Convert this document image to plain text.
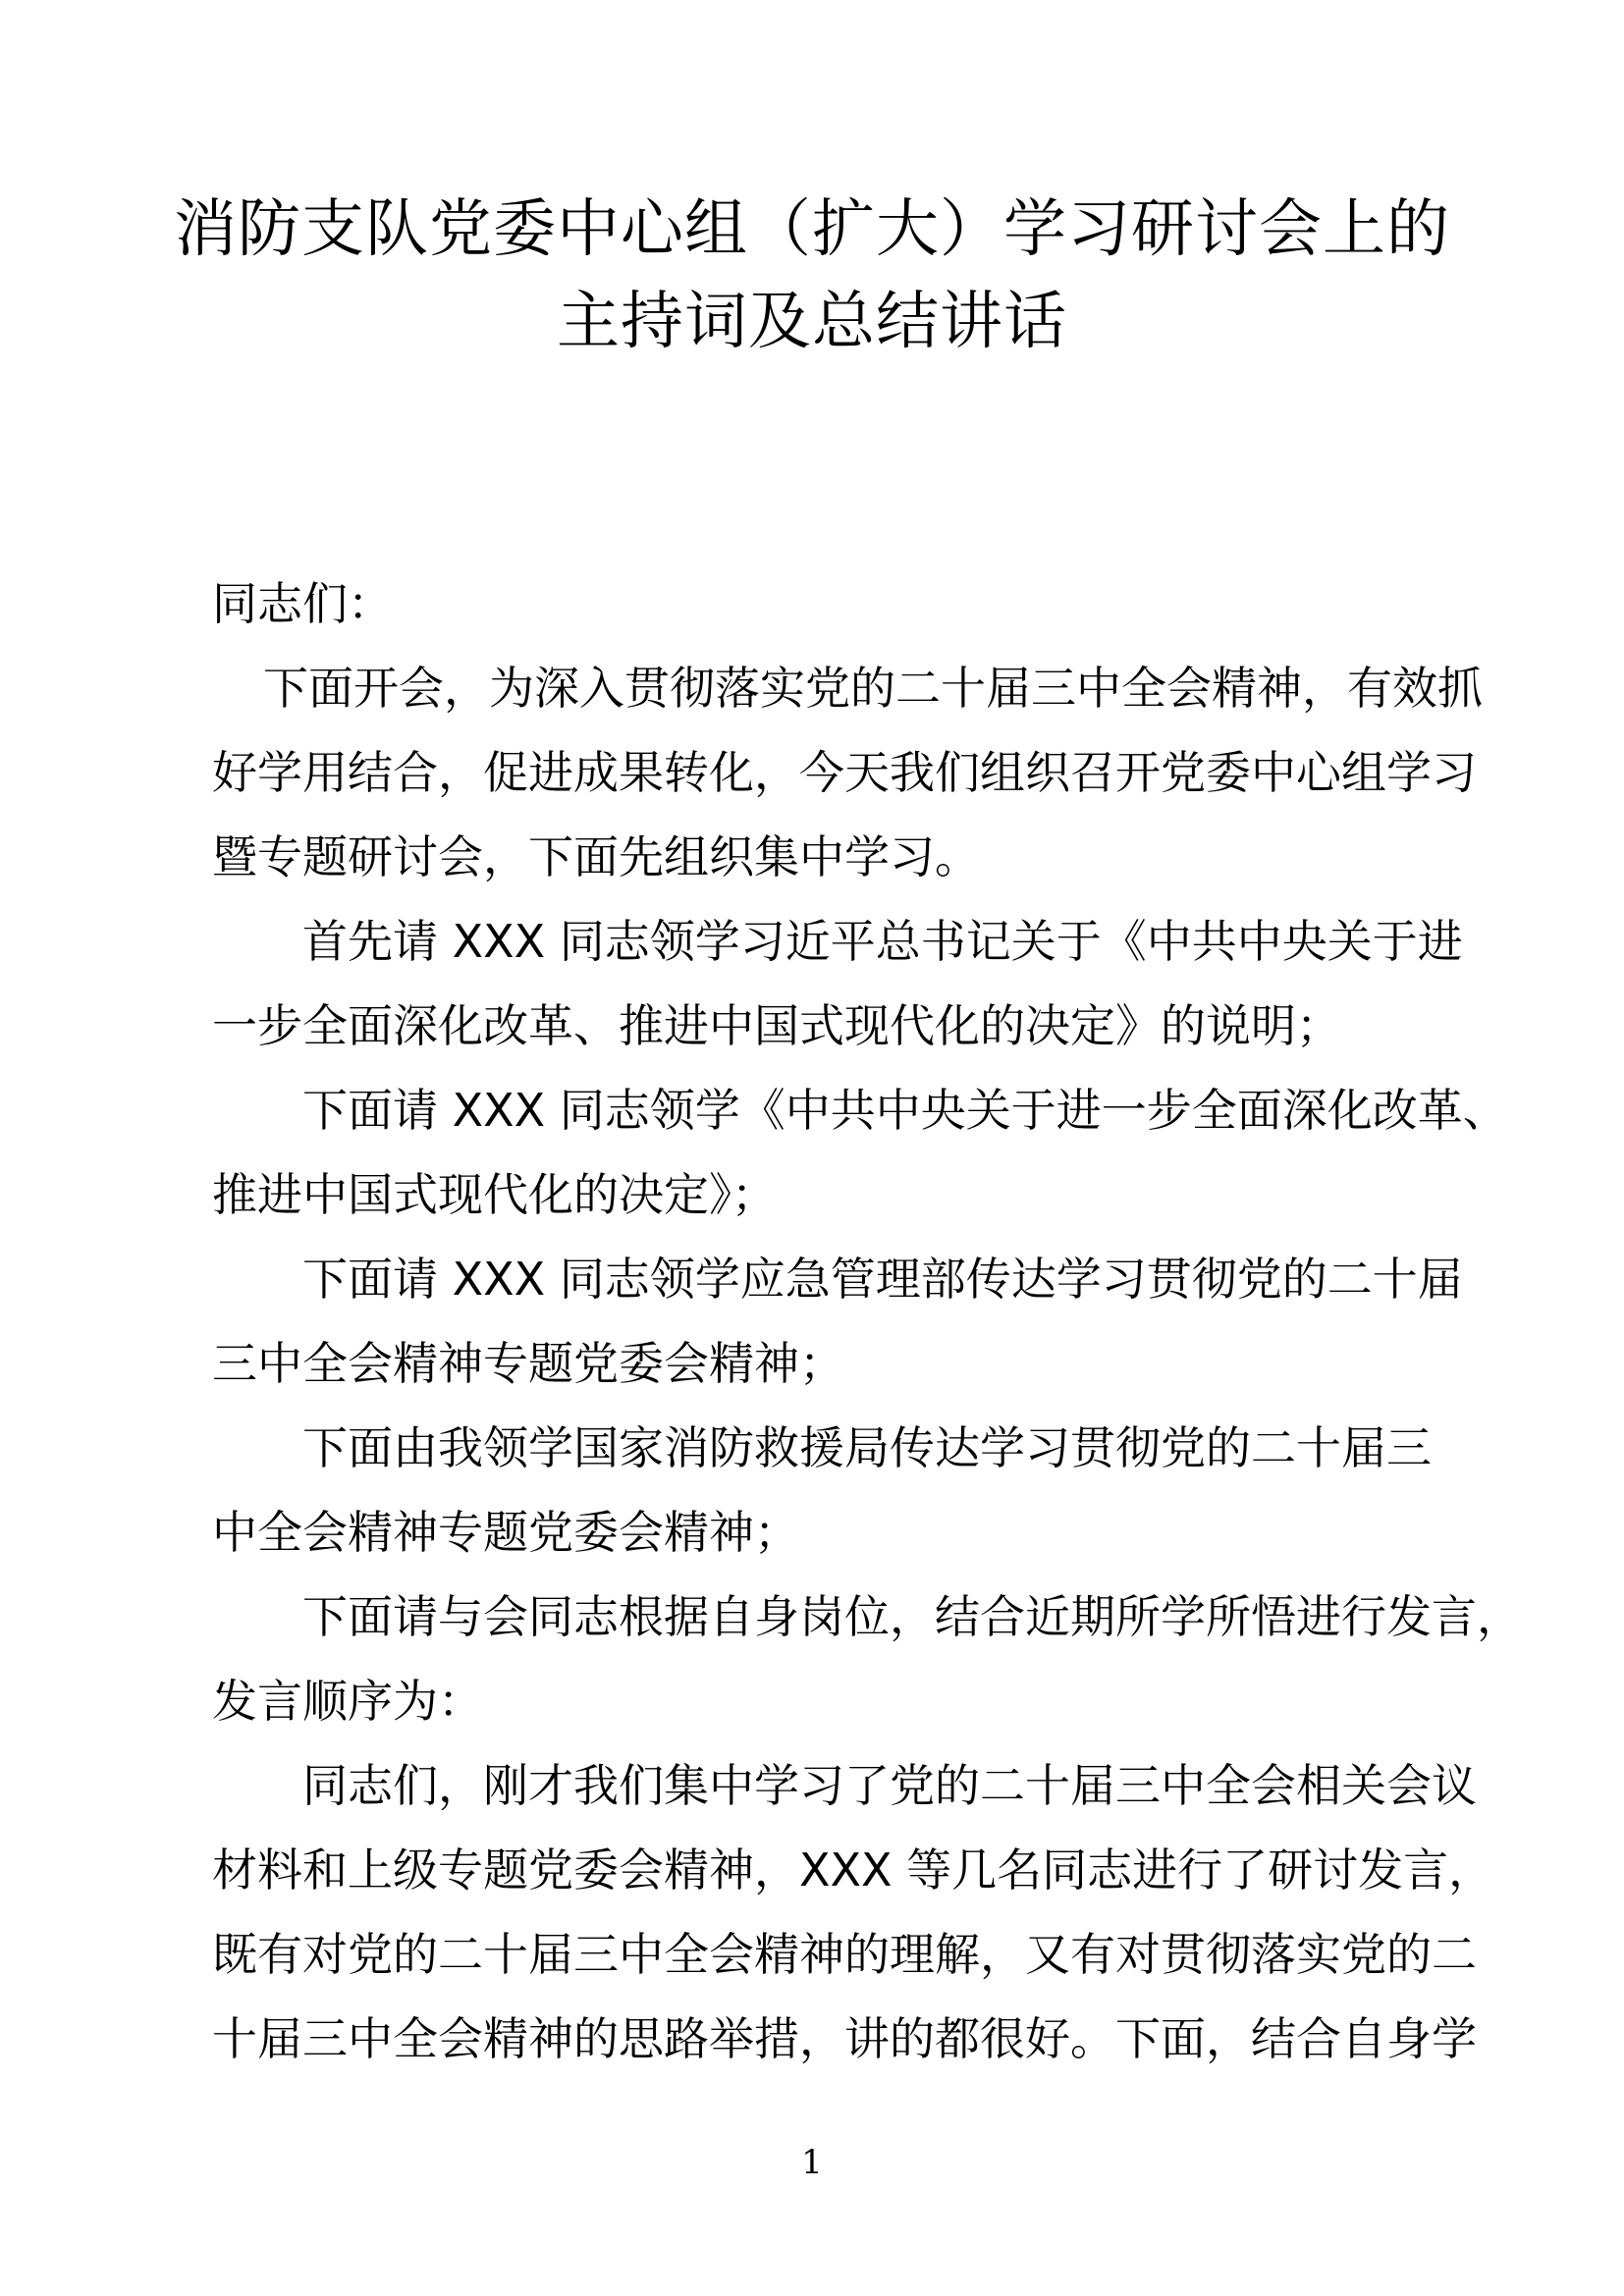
消防支队党委中心组（扩大）学习研讨会上的
主持词及总结讲话
同志们：
下面开会，为深入贯彻落实党的二十届三中全会精神，有效抓
好学用结合，促进成果转化，今天我们组织召开党委中心组学习
暨专题研讨会，下面先组织集中学习。
首先请 XXX 同志领学习近平总书记关于《中共中央关于进
一步全面深化改革、推进中国式现代化的决定》的说明；
下面请 XXX 同志领学《中共中央关于进一步全面深化改革、
推进中国式现代化的决定》；
下面请 XXX 同志领学应急管理部传达学习贯彻党的二十届
三中全会精神专题党委会精神；
下面由我领学国家消防救援局传达学习贯彻党的二十届三
中全会精神专题党委会精神；
下面请与会同志根据自身岗位，结合近期所学所悟进行发言，
发言顺序为：
同志们，刚才我们集中学习了党的二十届三中全会相关会议
材料和上级专题党委会精神，XXX 等几名同志进行了研讨发言，
既有对党的二十届三中全会精神的理解，又有对贯彻落实党的二
十届三中全会精神的思路举措，讲的都很好。下面，结合自身学
1
